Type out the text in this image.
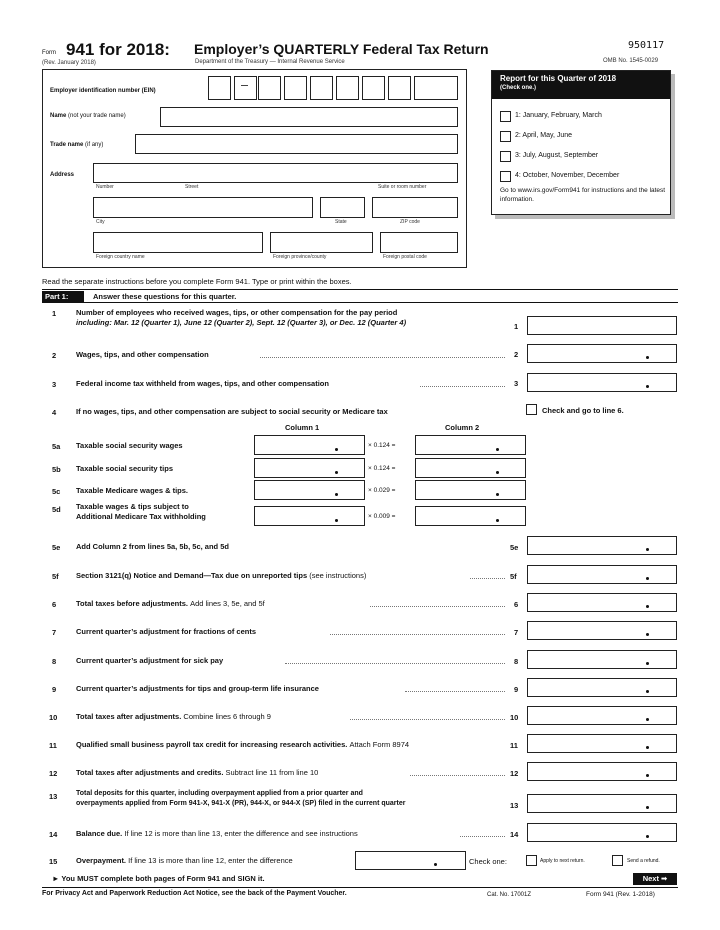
Form 941 for 2018: Employer’s QUARTERLY Federal Tax Return
(Rev. January 2018)	Department of the Treasury — Internal Revenue Service
950117
OMB No. 1545-0029
Employer identification number (EIN)
Name (not your trade name)
Trade name (if any)
Address
Number	Street	Suite or room number
City	State	ZIP code
Foreign country name	Foreign province/county	Foreign postal code
Report for this Quarter of 2018
(Check one.)
1: January, February, March
2: April, May, June
3: July, August, September
4: October, November, December
Go to www.irs.gov/Form941 for instructions and the latest information.
Read the separate instructions before you complete Form 941. Type or print within the boxes.
Part 1:	Answer these questions for this quarter.
1	Number of employees who received wages, tips, or other compensation for the pay period
including: Mar. 12 (Quarter 1), June 12 (Quarter 2), Sept. 12 (Quarter 3), or Dec. 12 (Quarter 4)	1
2	Wages, tips, and other compensation	2
3	Federal income tax withheld from wages, tips, and other compensation	3
4	If no wages, tips, and other compensation are subject to social security or Medicare tax	Check and go to line 6.
Column 1	Column 2
5a Taxable social security wages	× 0.124 =
5b Taxable social security tips	× 0.124 =
5c Taxable Medicare wages & tips.	× 0.029 =
5d Taxable wages & tips subject to
Additional Medicare Tax withholding	× 0.009 =
5e Add Column 2 from lines 5a, 5b, 5c, and 5d	5e
5f Section 3121(q) Notice and Demand—Tax due on unreported tips (see instructions)	5f
6	Total taxes before adjustments. Add lines 3, 5e, and 5f	6
7	Current quarter’s adjustment for fractions of cents	7
8	Current quarter’s adjustment for sick pay	8
9	Current quarter’s adjustments for tips and group-term life insurance	9
10 Total taxes after adjustments. Combine lines 6 through 9	10
11	Qualified small business payroll tax credit for increasing research activities. Attach Form 8974	11
12 Total taxes after adjustments and credits. Subtract line 11 from line 10	12
13	Total deposits for this quarter, including overpayment applied from a prior quarter and
overpayments applied from Form 941-X, 941-X (PR), 944-X, or 944-X (SP) filed in the current quarter	13
14 Balance due. If line 12 is more than line 13, enter the difference and see instructions	14
15 Overpayment. If line 13 is more than line 12, enter the difference	Check one:	Apply to next return.	Send a refund.
► You MUST complete both pages of Form 941 and SIGN it.	Next ➡
For Privacy Act and Paperwork Reduction Act Notice, see the back of the Payment Voucher.	Cat. No. 17001Z	Form 941 (Rev. 1-2018)
